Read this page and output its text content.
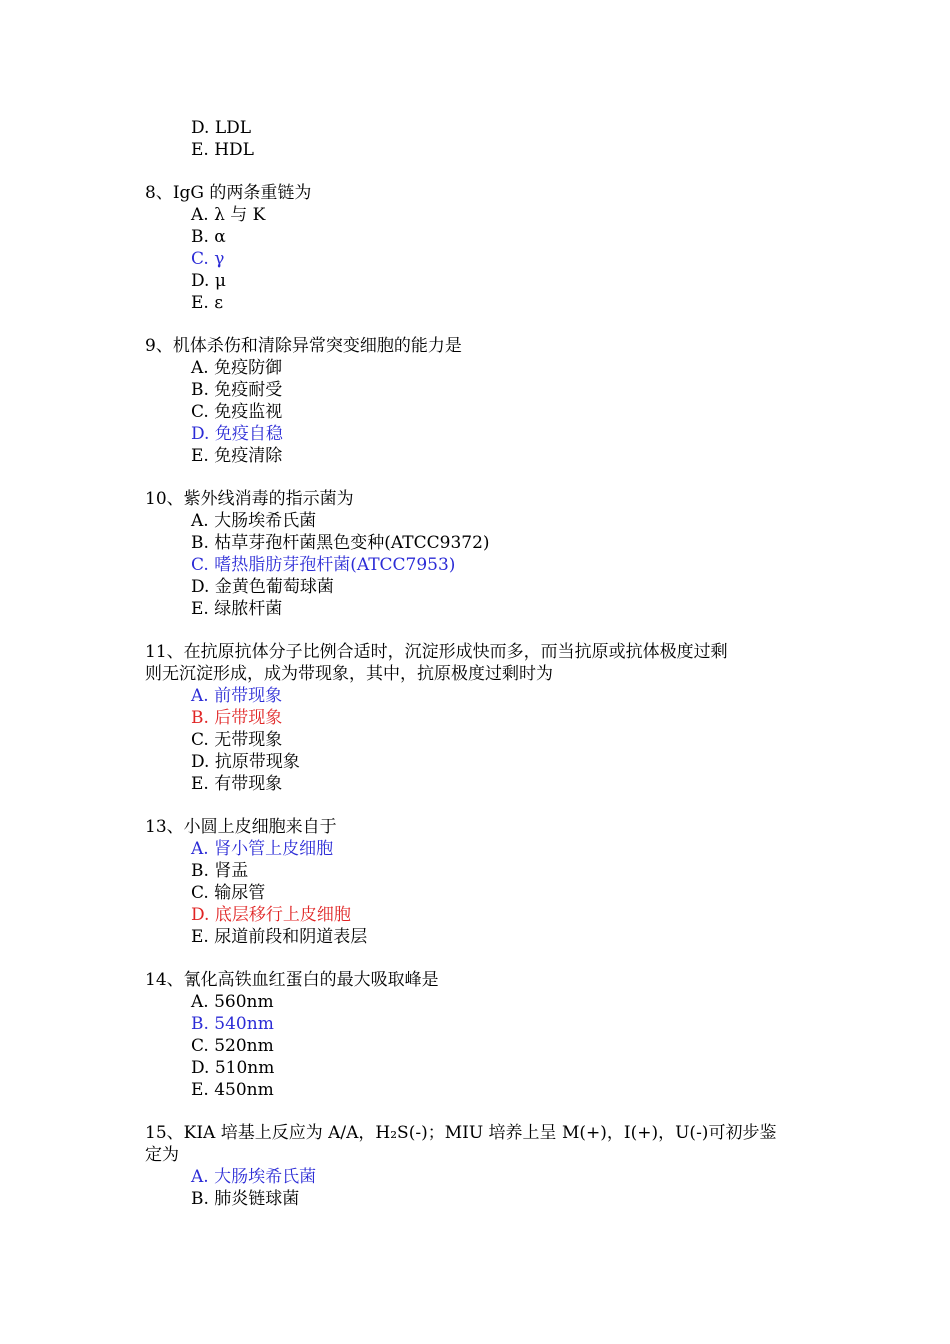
D. LDL
E. HDL
8、IgG 的两条重链为
A. λ 与 K
B. α
C. γ
D. μ
E. ε
9、机体杀伤和清除异常突变细胞的能力是
A. 免疫防御
B. 免疫耐受
C. 免疫监视
D. 免疫自稳
E. 免疫清除
10、紫外线消毒的指示菌为
A. 大肠埃希氏菌
B. 枯草芽孢杆菌黑色变种(ATCC9372)
C. 嗜热脂肪芽孢杆菌(ATCC7953)
D. 金黄色葡萄球菌
E. 绿脓杆菌
11、在抗原抗体分子比例合适时，沉淀形成快而多，而当抗原或抗体极度过剩
则无沉淀形成，成为带现象，其中，抗原极度过剩时为
A. 前带现象
B. 后带现象
C. 无带现象
D. 抗原带现象
E. 有带现象
13、小圆上皮细胞来自于
A. 肾小管上皮细胞
B. 肾盂
C. 输尿管
D. 底层移行上皮细胞
E. 尿道前段和阴道表层
14、氰化高铁血红蛋白的最大吸取峰是
A. 560nm
B. 540nm
C. 520nm
D. 510nm
E. 450nm
15、KIA 培基上反应为 A/A，H₂S(-)；MIU 培养上呈 M(+)，I(+)，U(-)可初步鉴
定为
A. 大肠埃希氏菌
B. 肺炎链球菌
